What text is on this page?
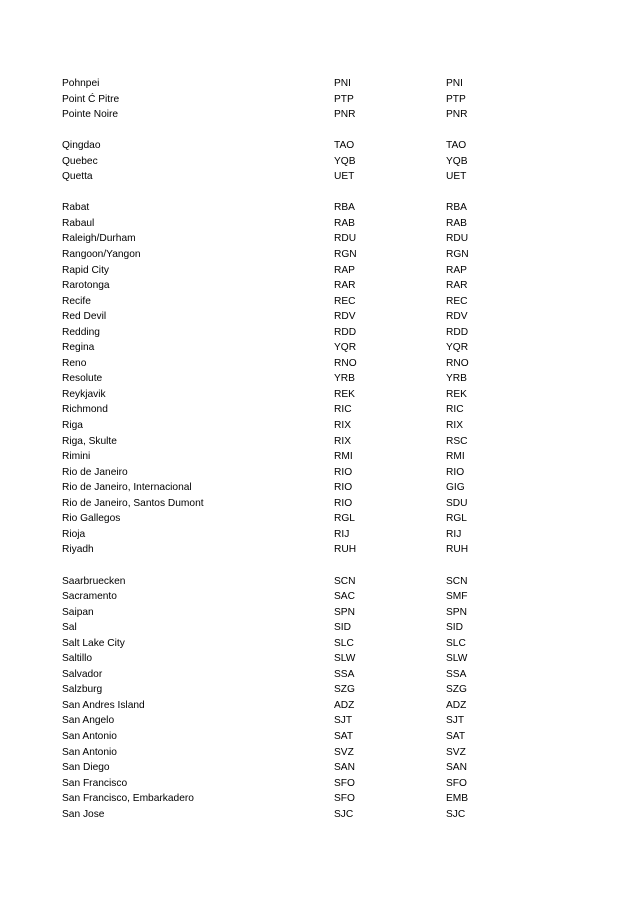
Pohnpei	PNI	PNI
Point Ć Pitre	PTP	PTP
Pointe Noire	PNR	PNR
Qingdao	TAO	TAO
Quebec	YQB	YQB
Quetta	UET	UET
Rabat	RBA	RBA
Rabaul	RAB	RAB
Raleigh/Durham	RDU	RDU
Rangoon/Yangon	RGN	RGN
Rapid City	RAP	RAP
Rarotonga	RAR	RAR
Recife	REC	REC
Red Devil	RDV	RDV
Redding	RDD	RDD
Regina	YQR	YQR
Reno	RNO	RNO
Resolute	YRB	YRB
Reykjavik	REK	REK
Richmond	RIC	RIC
Riga	RIX	RIX
Riga, Skulte	RIX	RSC
Rimini	RMI	RMI
Rio de Janeiro	RIO	RIO
Rio de Janeiro, Internacional	RIO	GIG
Rio de Janeiro, Santos Dumont	RIO	SDU
Rio Gallegos	RGL	RGL
Rioja	RIJ	RIJ
Riyadh	RUH	RUH
Saarbruecken	SCN	SCN
Sacramento	SAC	SMF
Saipan	SPN	SPN
Sal	SID	SID
Salt Lake City	SLC	SLC
Saltillo	SLW	SLW
Salvador	SSA	SSA
Salzburg	SZG	SZG
San Andres Island	ADZ	ADZ
San Angelo	SJT	SJT
San Antonio	SAT	SAT
San Antonio	SVZ	SVZ
San Diego	SAN	SAN
San Francisco	SFO	SFO
San Francisco, Embarkadero	SFO	EMB
San Jose	SJC	SJC
